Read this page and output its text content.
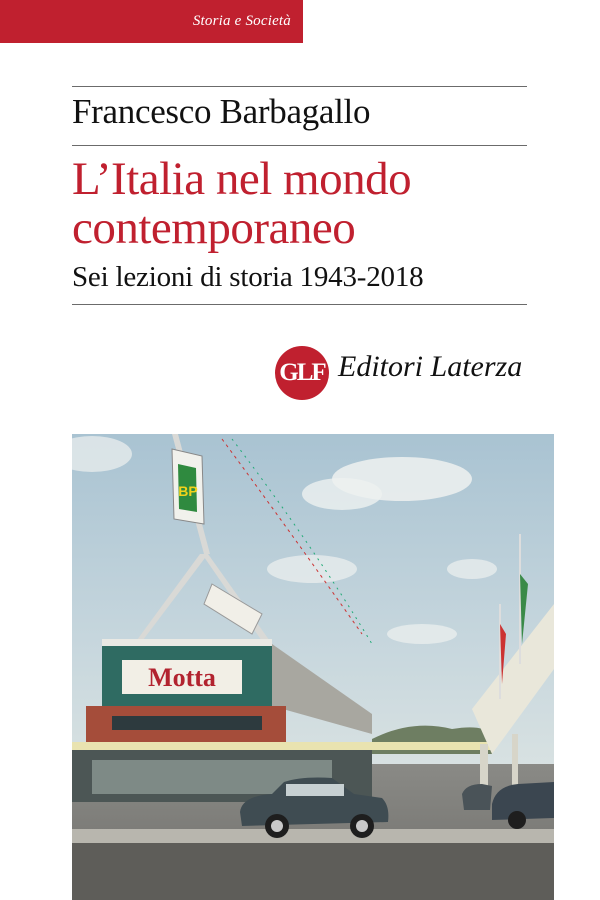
Storia e Società
Francesco Barbagallo
L’Italia nel mondo
contemporaneo
Sei lezioni di storia 1943-2018
GLF Editori Laterza
BP
Motta
